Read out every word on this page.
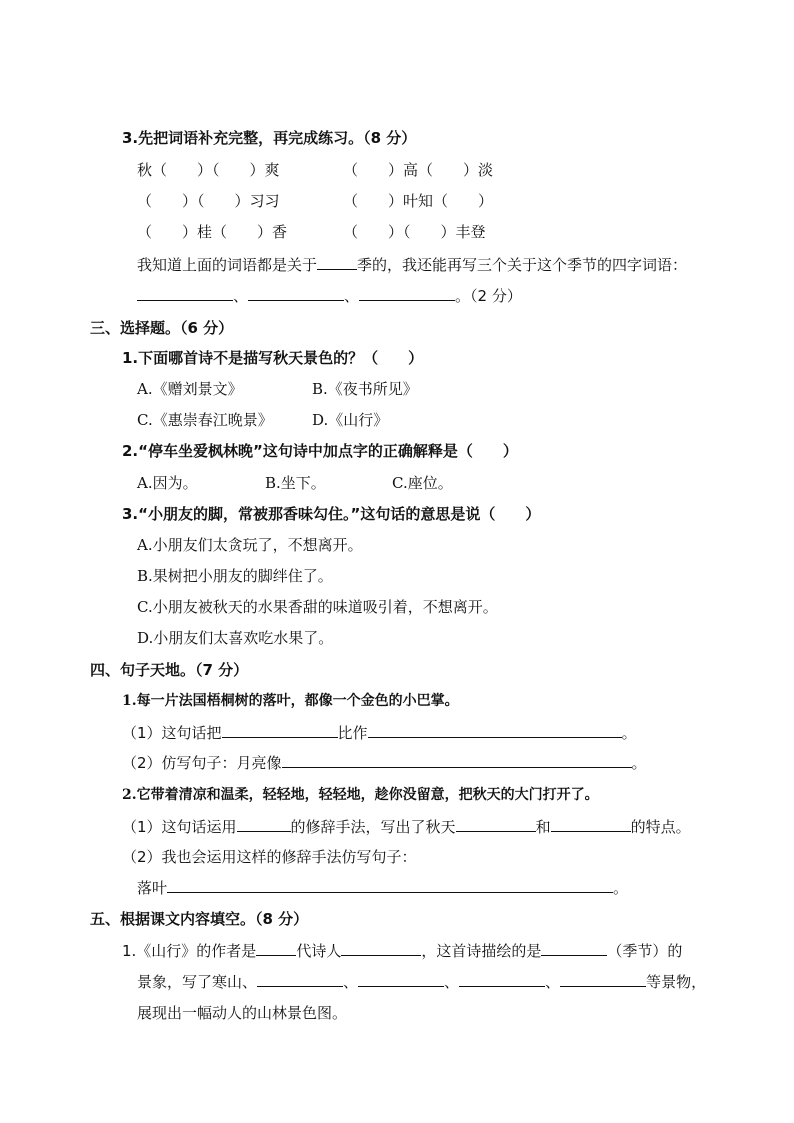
3.先把词语补充完整，再完成练习。（8 分）
秋（　　）（　　）爽	（　　）高（　　）淡
（　　）（　　）习习	（　　）叶知（　　）
（　　）桂（　　）香	（　　）（　　）丰登
我知道上面的词语都是关于	季的，我还能再写三个关于这个季节的四字词语：
、	、	。（2 分）
三、选择题。（6 分）
1.下面哪首诗不是描写秋天景色的？（　　）
A.《赠刘景文》	B.《夜书所见》
C.《惠崇春江晚景》	D.《山行》
2.“停车坐爱枫林晚”这句诗中加点字的正确解释是（　　）
A.因为。	B.坐下。	C.座位。
3.“小朋友的脚，常被那香味勾住。”这句话的意思是说（　　）
A.小朋友们太贪玩了，不想离开。
B.果树把小朋友的脚绊住了。
C.小朋友被秋天的水果香甜的味道吸引着，不想离开。
D.小朋友们太喜欢吃水果了。
四、句子天地。（7 分）
1.每一片法国梧桐树的落叶，都像一个金色的小巴掌。
（1）这句话把	比作	。
（2）仿写句子：月亮像	。
2.它带着清凉和温柔，轻轻地，轻轻地，趁你没留意，把秋天的大门打开了。
（1）这句话运用	的修辞手法，写出了秋天	和	的特点。
（2）我也会运用这样的修辞手法仿写句子：
落叶	。
五、根据课文内容填空。（8 分）
1.《山行》的作者是	代诗人	，这首诗描绘的是	（季节）的
景象，写了寒山、	、	、	、	等景物，
展现出一幅动人的山林景色图。
